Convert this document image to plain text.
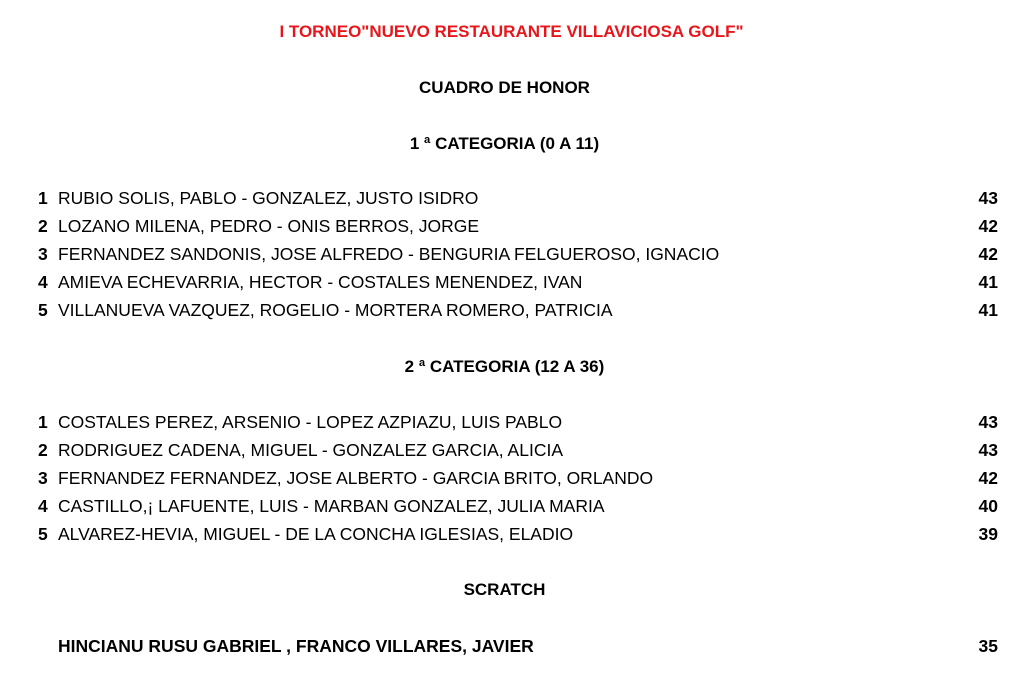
I TORNEO"NUEVO RESTAURANTE VILLAVICIOSA GOLF"
CUADRO DE HONOR
1 ª CATEGORIA (0 A 11)
1 RUBIO SOLIS, PABLO - GONZALEZ, JUSTO ISIDRO	43
2 LOZANO MILENA, PEDRO - ONIS BERROS, JORGE	42
3 FERNANDEZ SANDONIS, JOSE ALFREDO - BENGURIA FELGUEROSO, IGNACIO	42
4 AMIEVA ECHEVARRIA, HECTOR - COSTALES MENENDEZ, IVAN	41
5 VILLANUEVA VAZQUEZ, ROGELIO - MORTERA ROMERO, PATRICIA	41
2 ª CATEGORIA (12 A 36)
1 COSTALES PEREZ, ARSENIO - LOPEZ AZPIAZU, LUIS PABLO	43
2 RODRIGUEZ CADENA, MIGUEL - GONZALEZ GARCIA, ALICIA	43
3 FERNANDEZ FERNANDEZ, JOSE ALBERTO - GARCIA BRITO, ORLANDO	42
4 CASTILLO,¡ LAFUENTE, LUIS - MARBAN GONZALEZ, JULIA MARIA	40
5 ALVAREZ-HEVIA, MIGUEL - DE LA CONCHA IGLESIAS, ELADIO	39
SCRATCH
HINCIANU RUSU GABRIEL , FRANCO VILLARES, JAVIER	35
